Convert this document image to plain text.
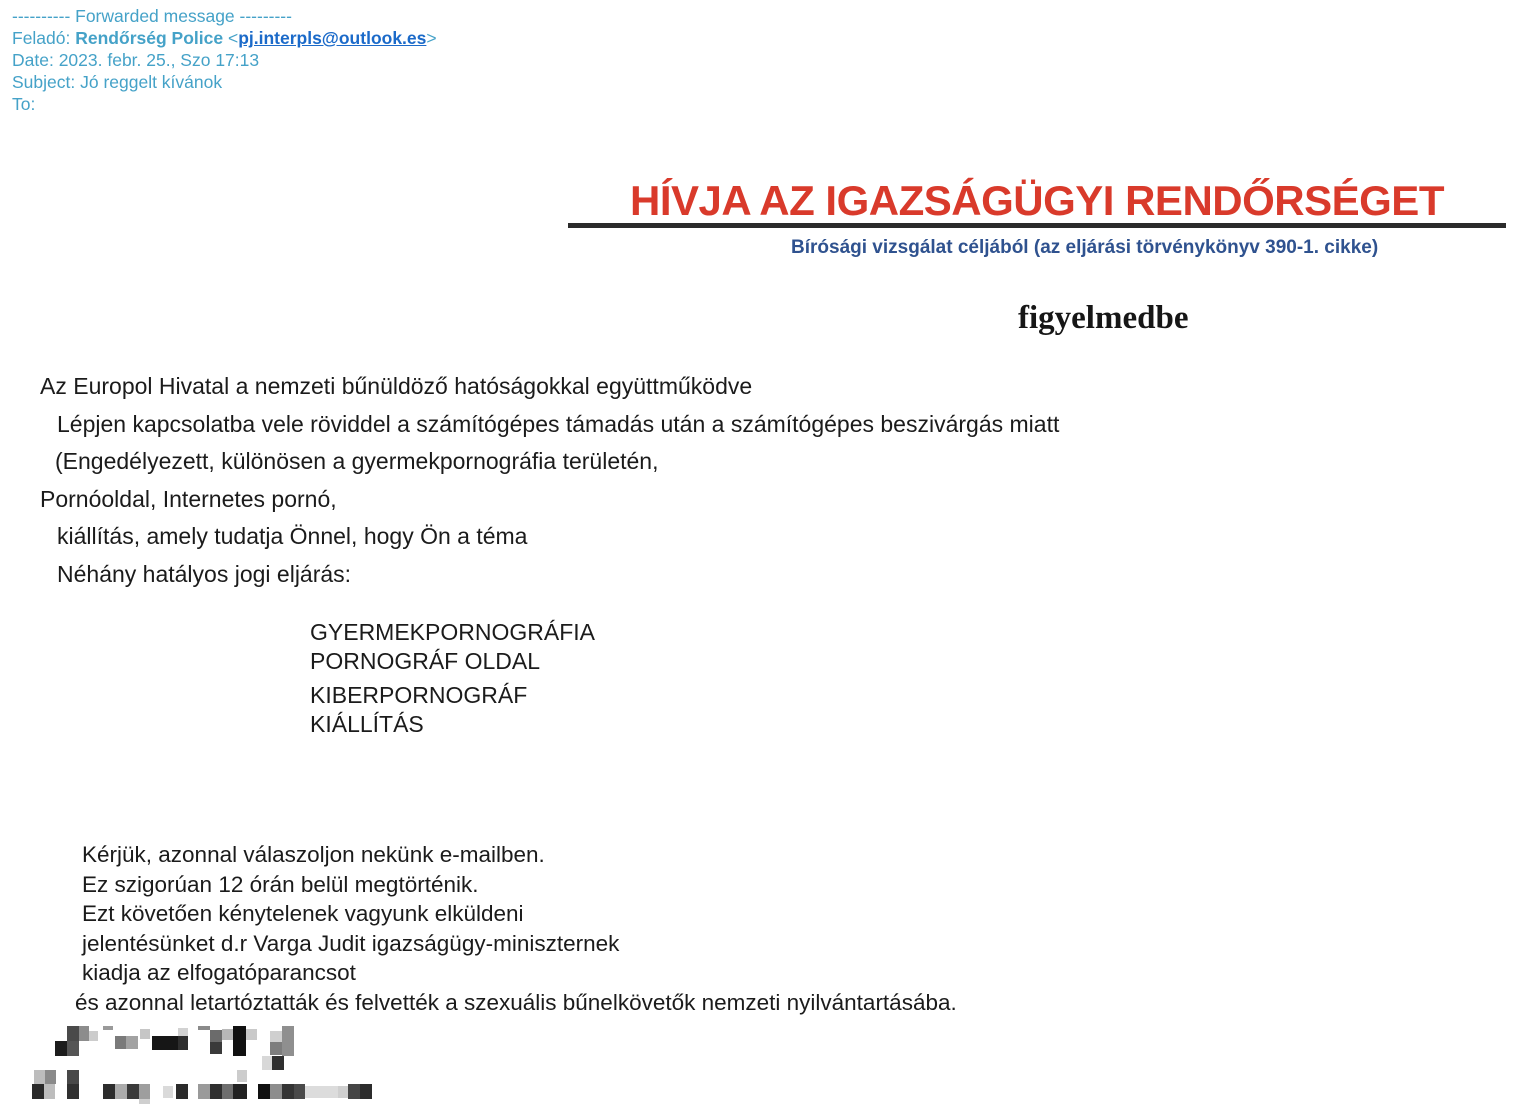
---------- Forwarded message ---------
Feladó: Rendőrség Police <pj.interpls@outlook.es>
Date: 2023. febr. 25., Szo 17:13
Subject: Jó reggelt kívánok
To:
HÍVJA AZ IGAZSÁGÜGYI RENDŐRSÉGET
Bírósági vizsgálat céljából (az eljárási törvénykönyv 390-1. cikke)
figyelmedbe
Az Europol Hivatal a nemzeti bűnüldöző hatóságokkal együttműködve
Lépjen kapcsolatba vele röviddel a számítógépes támadás után a számítógépes beszivárgás miatt
(Engedélyezett, különösen a gyermekpornográfia területén,
Pornóoldal, Internetes pornó,
kiállítás, amely tudatja Önnel, hogy Ön a téma
Néhány hatályos jogi eljárás:
GYERMEKPORNOGRÁFIA
PORNOGRÁF OLDAL
KIBERPORNOGRÁF
KIÁLLÍTÁS
Kérjük, azonnal válaszoljon nekünk e-mailben.
Ez szigorúan 12 órán belül megtörténik.
Ezt követően kénytelenek vagyunk elküldeni
jelentésünket d.r Varga Judit igazságügy-miniszternek
kiadja az elfogatóparancsot
és azonnal letartóztatták és felvették a szexuális bűnelkövetők nemzeti nyilvántartásába.
